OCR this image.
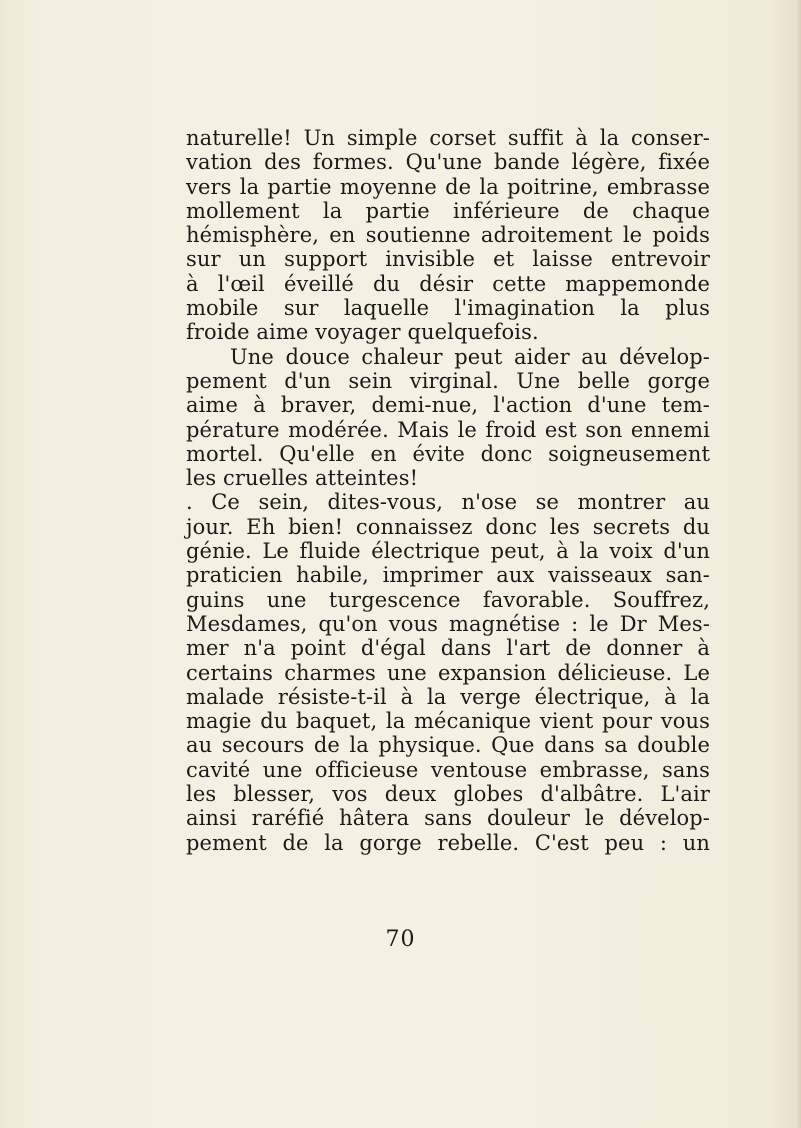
naturelle! Un simple corset suffit à la conser-
vation des formes. Qu'une bande légère, fixée
vers la partie moyenne de la poitrine, embrasse
mollement la partie inférieure de chaque
hémisphère, en soutienne adroitement le poids
sur un support invisible et laisse entrevoir
à l'œil éveillé du désir cette mappemonde
mobile sur laquelle l'imagination la plus
froide aime voyager quelquefois.
Une douce chaleur peut aider au dévelop-
pement d'un sein virginal. Une belle gorge
aime à braver, demi-nue, l'action d'une tem-
pérature modérée. Mais le froid est son ennemi
mortel. Qu'elle en évite donc soigneusement
les cruelles atteintes!
. Ce sein, dites-vous, n'ose se montrer au
jour. Eh bien! connaissez donc les secrets du
génie. Le fluide électrique peut, à la voix d'un
praticien habile, imprimer aux vaisseaux san-
guins une turgescence favorable. Souffrez,
Mesdames, qu'on vous magnétise : le Dr Mes-
mer n'a point d'égal dans l'art de donner à
certains charmes une expansion délicieuse. Le
malade résiste-t-il à la verge électrique, à la
magie du baquet, la mécanique vient pour vous
au secours de la physique. Que dans sa double
cavité une officieuse ventouse embrasse, sans
les blesser, vos deux globes d'albâtre. L'air
ainsi raréfié hâtera sans douleur le dévelop-
pement de la gorge rebelle. C'est peu : un
70
